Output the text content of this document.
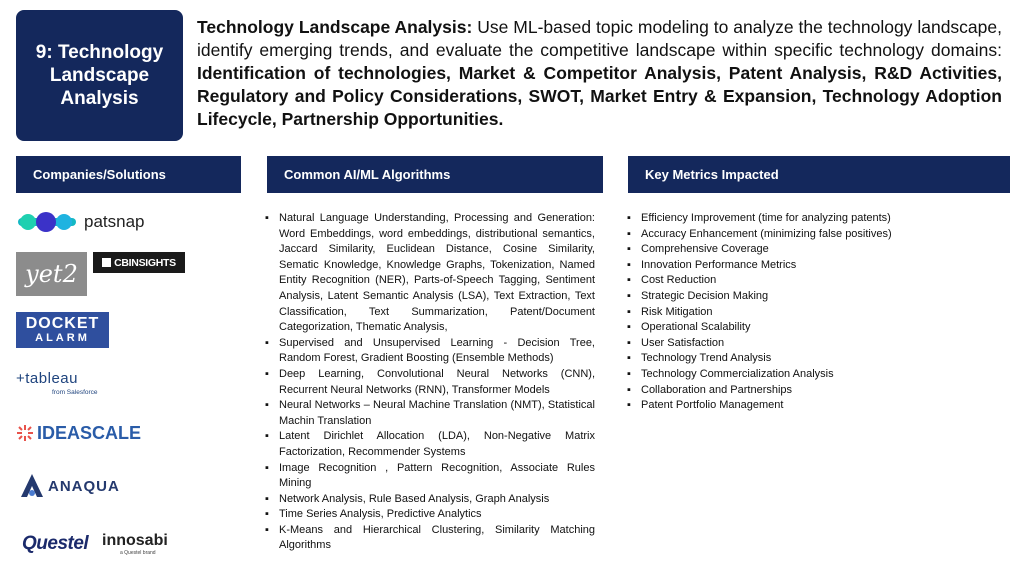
9: Technology Landscape Analysis
Technology Landscape Analysis: Use ML-based topic modeling to analyze the technology landscape, identify emerging trends, and evaluate the competitive landscape within specific technology domains: Identification of technologies, Market & Competitor Analysis, Patent Analysis, R&D Activities, Regulatory and Policy Considerations, SWOT, Market Entry & Expansion, Technology Adoption Lifecycle, Partnership Opportunities.
Companies/Solutions	Common AI/ML Algorithms	Key Metrics Impacted
patsnap
yet2	CBINSIGHTS
DOCKET
ALARM
+tableau
from Salesforce
IDEASCALE
ANAQUA
Questel innosabi
a Questel brand
▪ Natural Language Understanding, Processing and Generation: Word Embeddings, word embeddings, distributional semantics, Jaccard Similarity, Euclidean Distance, Cosine Similarity, Sematic Knowledge, Knowledge Graphs, Tokenization, Named Entity Recognition (NER), Parts-of-Speech Tagging, Sentiment Analysis, Latent Semantic Analysis (LSA), Text Extraction, Text Classification, Text Summarization, Patent/Document Categorization, Thematic Analysis,
▪ Supervised and Unsupervised Learning - Decision Tree, Random Forest, Gradient Boosting (Ensemble Methods)
▪ Deep Learning, Convolutional Neural Networks (CNN), Recurrent Neural Networks (RNN), Transformer Models
▪ Neural Networks – Neural Machine Translation (NMT), Statistical Machin Translation
▪ Latent Dirichlet Allocation (LDA), Non-Negative Matrix Factorization, Recommender Systems
▪ Image Recognition , Pattern Recognition, Associate Rules Mining
▪ Network Analysis, Rule Based Analysis, Graph Analysis
▪ Time Series Analysis, Predictive Analytics
▪ K-Means and Hierarchical Clustering, Similarity Matching Algorithms
▪ Efficiency Improvement (time for analyzing patents)
▪ Accuracy Enhancement (minimizing false positives)
▪ Comprehensive Coverage
▪ Innovation Performance Metrics
▪ Cost Reduction
▪ Strategic Decision Making
▪ Risk Mitigation
▪ Operational Scalability
▪ User Satisfaction
▪ Technology Trend Analysis
▪ Technology Commercialization Analysis
▪ Collaboration and Partnerships
▪ Patent Portfolio Management
